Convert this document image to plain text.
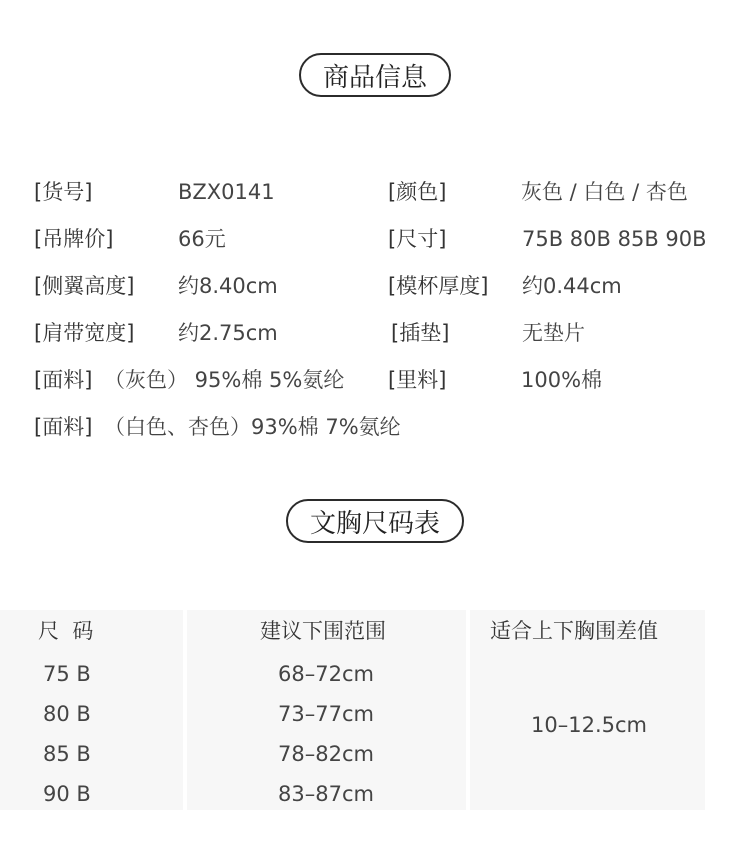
商品信息
[货号]	BZX0141	[颜色]	灰色 / 白色 / 杏色
[吊牌价]	66元	[尺寸]	75B 80B 85B 90B
[侧翼高度] 约8.40cm	[模杯厚度] 约0.44cm
[肩带宽度] 约2.75cm	[插垫]	无垫片
[面料] （灰色） 95%棉 5%氨纶 [里料]	100%棉
[面料] （白色、杏色）93%棉 7%氨纶
文胸尺码表
尺  码	建议下围范围	适合上下胸围差值
75 B	68–72cm
80 B	73–77cm
85 B	78–82cm
90 B	83–87cm
10–12.5cm
